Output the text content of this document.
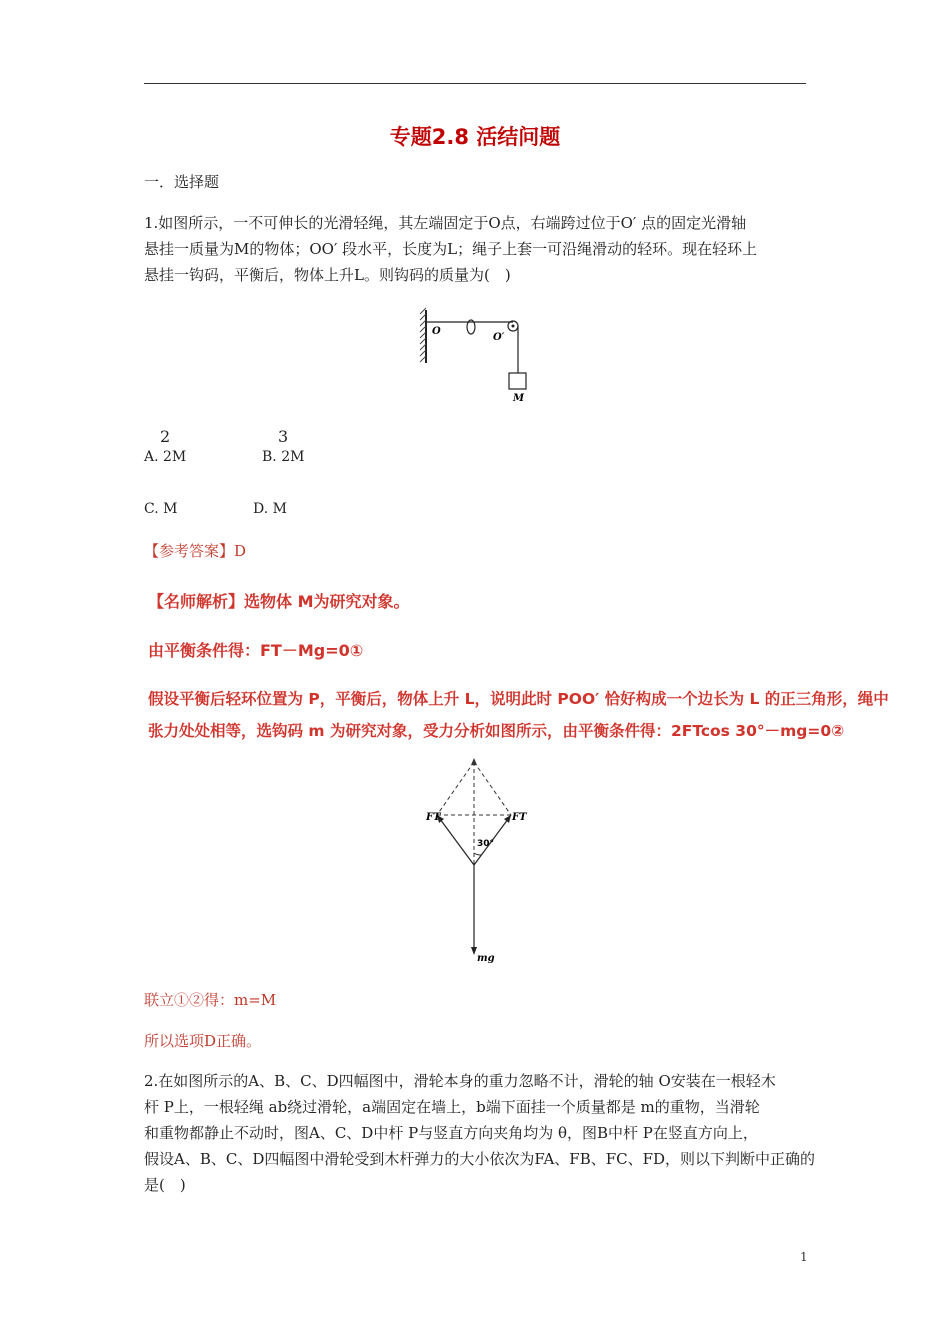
专题2.8 活结问题
一．选择题
1.如图所示，一不可伸长的光滑轻绳，其左端固定于O点，右端跨过位于O′ 点的固定光滑轴
悬挂一质量为M的物体；OO′ 段水平，长度为L；绳子上套一可沿绳滑动的轻环。现在轻环上
悬挂一钩码，平衡后，物体上升L。则钩码的质量为(　)
O
O′
M
2	3
A. 2M	B. 2M
C. M	D. M
【参考答案】D
【名师解析】选物体 M为研究对象。
由平衡条件得：FT－Mg=0①
假设平衡后轻环位置为 P，平衡后，物体上升 L，说明此时 POO′ 恰好构成一个边长为 L 的正三角形，绳中
张力处处相等，选钩码 m 为研究对象，受力分析如图所示，由平衡条件得：2FTcos 30°－mg=0②
FT	FT
30°
mg
联立①②得：m=M
所以选项D正确。
2.在如图所示的A、B、C、D四幅图中，滑轮本身的重力忽略不计，滑轮的轴 O安装在一根轻木
杆 P上，一根轻绳 ab绕过滑轮，a端固定在墙上，b端下面挂一个质量都是 m的重物，当滑轮
和重物都静止不动时，图A、C、D中杆 P与竖直方向夹角均为 θ，图B中杆 P在竖直方向上，
假设A、B、C、D四幅图中滑轮受到木杆弹力的大小依次为FA、FB、FC、FD，则以下判断中正确的
是(　)
1
